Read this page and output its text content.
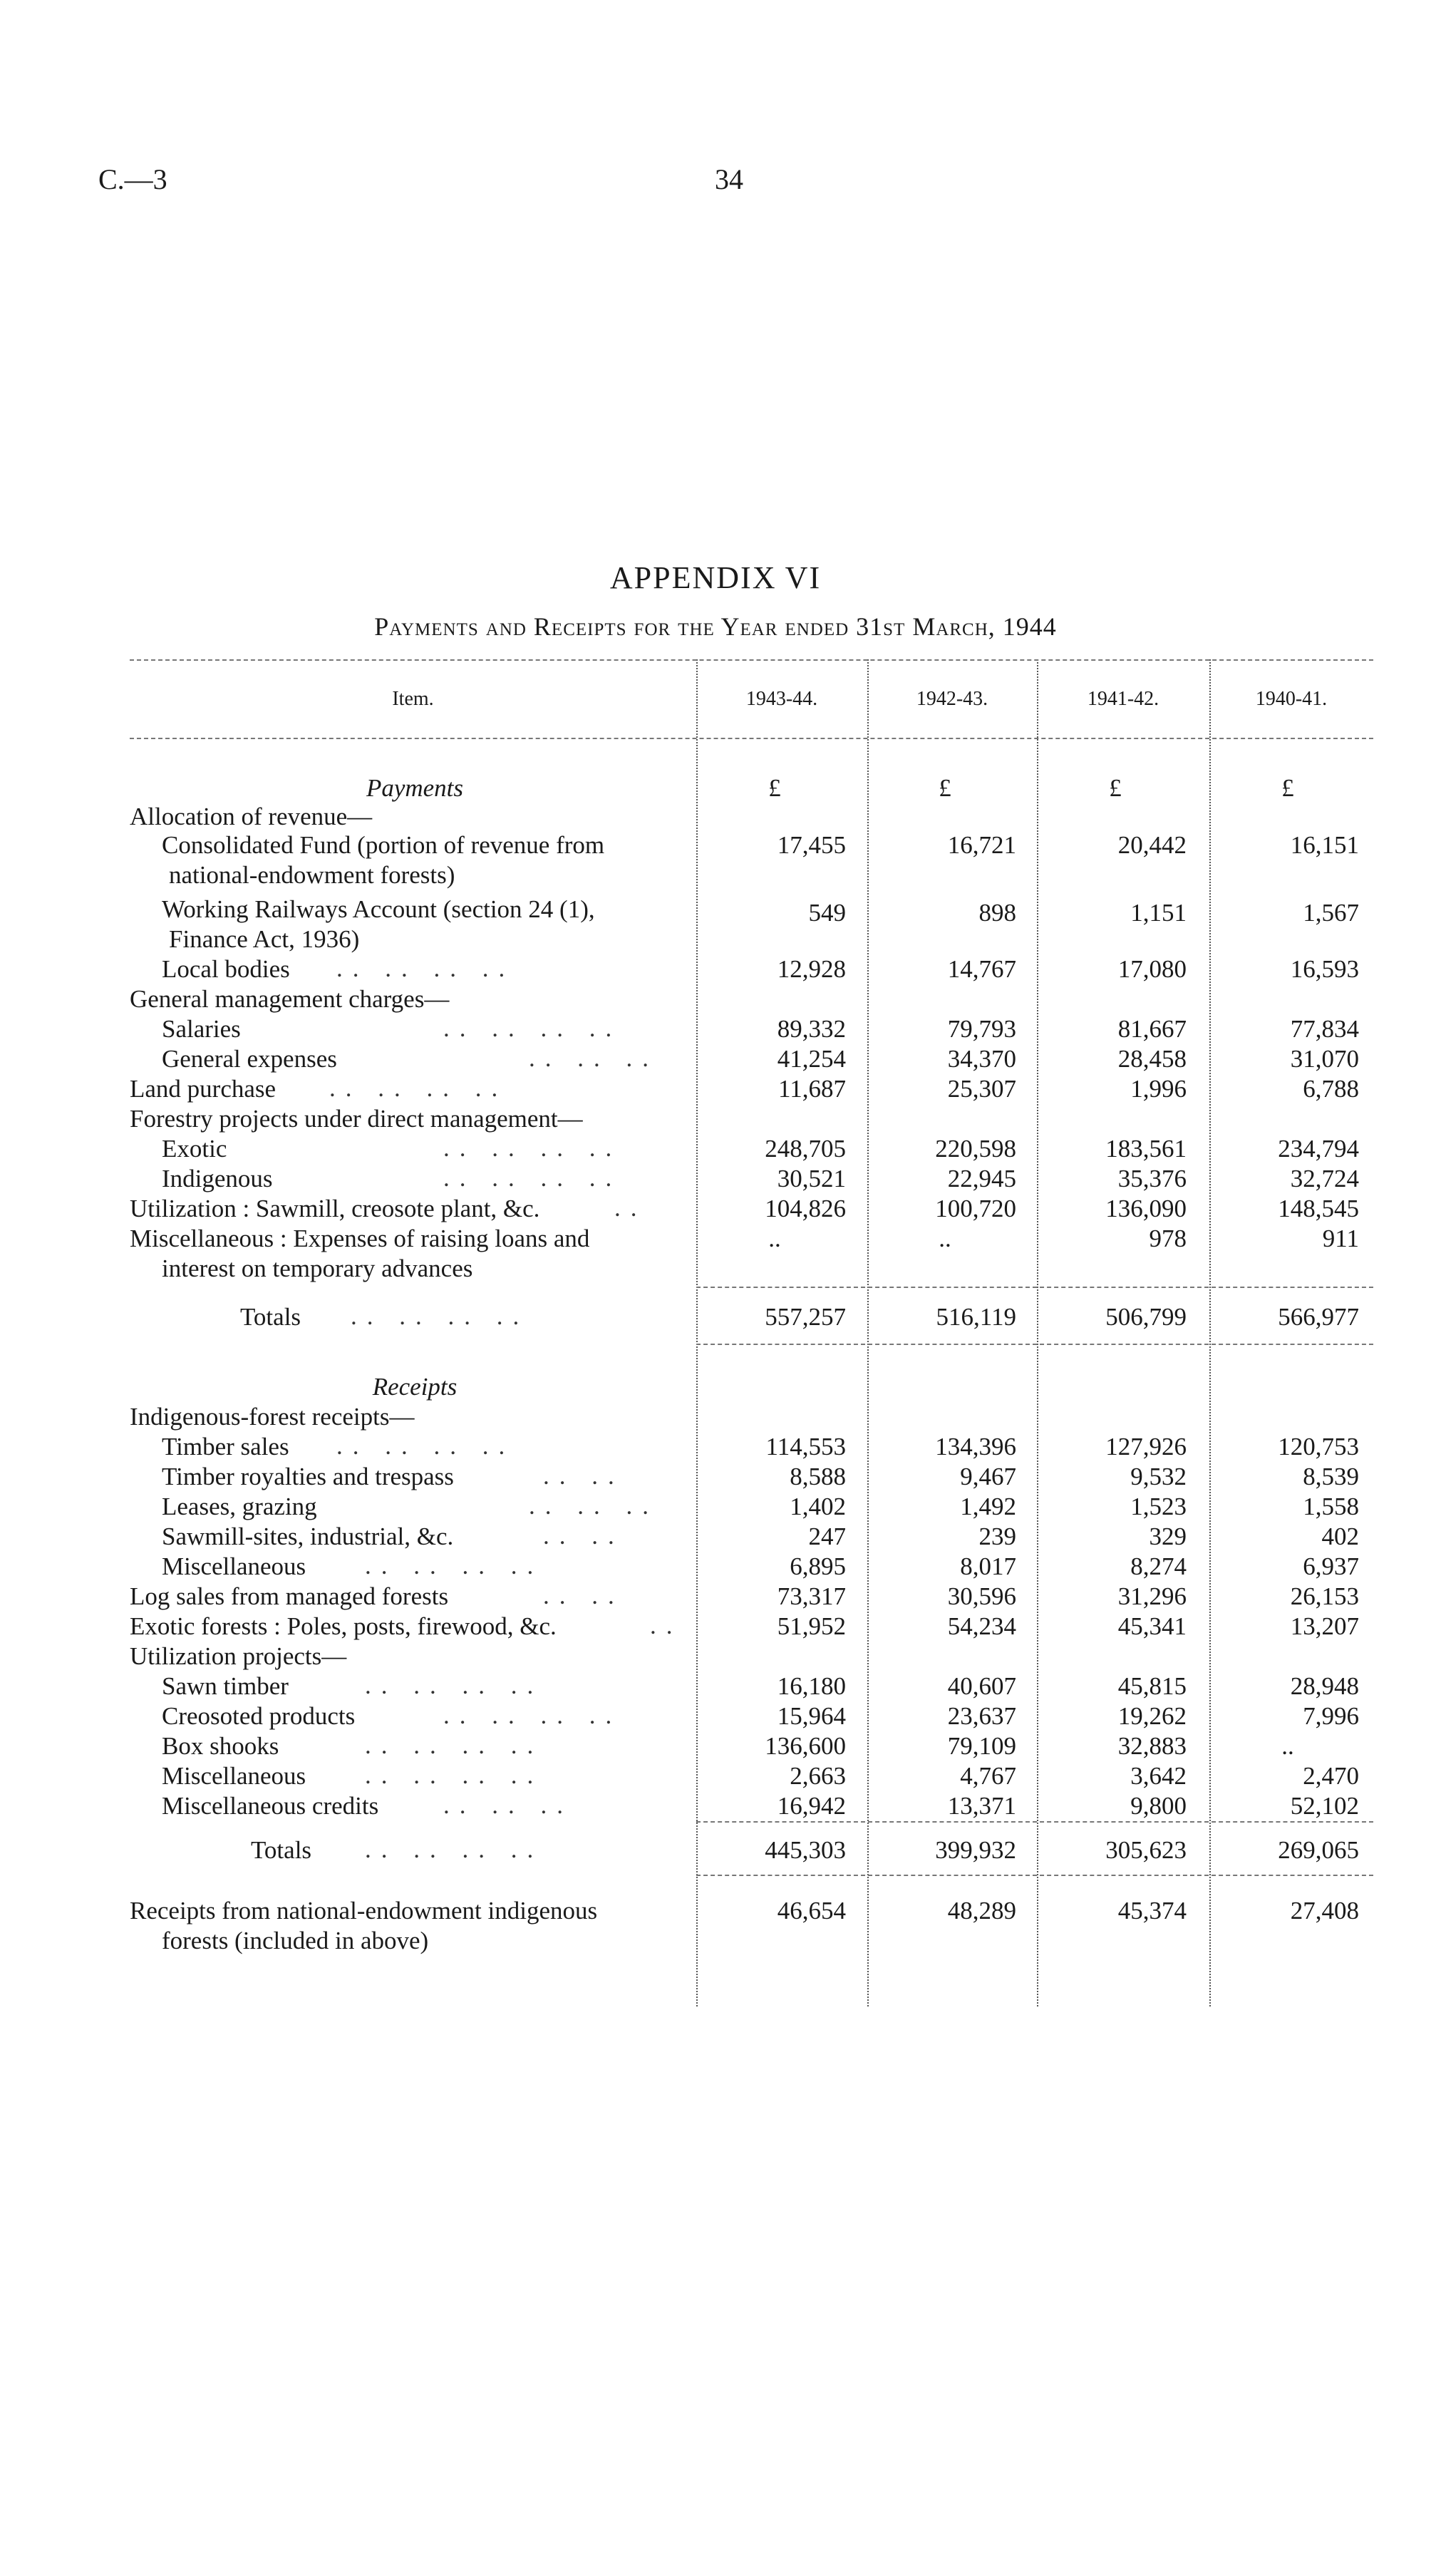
C.—3	34
APPENDIX VI
Payments and Receipts for the Year ended 31st March, 1944
Item.	1943-44.	1942-43.	1941-42.	1940-41.
Payments	£	£	£	£
Allocation of revenue—
Consolidated Fund (portion of revenue from
national-endowment forests)
17,455	16,721	20,442	16,151
Working Railways Account (section 24 (1),
Finance Act, 1936)
549	898	1,151	1,567
Local bodies	12,928	14,767	17,080	16,593
General management charges—
Salaries	89,332	79,793	81,667	77,834
General expenses	41,254	34,370	28,458	31,070
Land purchase	11,687	25,307	1,996	6,788
Forestry projects under direct management—
Exotic	248,705	220,598	183,561	234,794
Indigenous	30,521	22,945	35,376	32,724
Utilization : Sawmill, creosote plant, &c.	104,826	100,720	136,090	148,545
Miscellaneous : Expenses of raising loans and
interest on temporary advances
..	..	978	911
Totals	557,257	516,119	506,799	566,977
Receipts
Indigenous-forest receipts—
Timber sales	114,553	134,396	127,926	120,753
Timber royalties and trespass	8,588	9,467	9,532	8,539
Leases, grazing	1,402	1,492	1,523	1,558
Sawmill-sites, industrial, &c.	247	239	329	402
Miscellaneous	6,895	8,017	8,274	6,937
Log sales from managed forests	73,317	30,596	31,296	26,153
Exotic forests : Poles, posts, firewood, &c.	51,952	54,234	45,341	13,207
Utilization projects—
Sawn timber	16,180	40,607	45,815	28,948
Creosoted products	15,964	23,637	19,262	7,996
Box shooks	136,600	79,109	32,883	..
Miscellaneous	2,663	4,767	3,642	2,470
Miscellaneous credits	16,942	13,371	9,800	52,102
Totals	445,303	399,932	305,623	269,065
Receipts from national-endowment indigenous
forests (included in above)
46,654	48,289	45,374	27,408
.. .. .. ..
.. .. .. ..
.. .. ..
.. .. .. ..
.. .. .. ..
.. .. .. ..
..
.. .. .. ..
.. .. .. ..
.. ..
.. .. ..
.. ..
.. .. .. ..
.. ..
..
.. .. .. ..
.. .. .. ..
.. .. .. ..
.. .. .. ..
.. .. ..
.. .. .. ..
